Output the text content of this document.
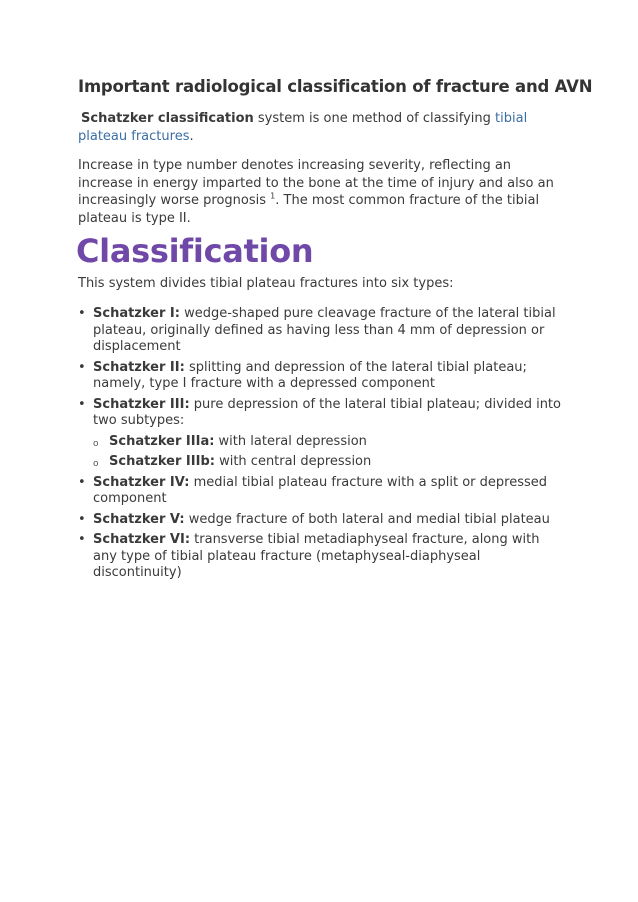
Important radiological classification of fracture and AVN
Schatzker classification system is one method of classifying tibial plateau fractures.
Increase in type number denotes increasing severity, reflecting an increase in energy imparted to the bone at the time of injury and also an increasingly worse prognosis $^1$. The most common fracture of the tibial plateau is type II.
Classification
This system divides tibial plateau fractures into six types:
• Schatzker I: wedge-shaped pure cleavage fracture of the lateral tibial plateau, originally defined as having less than 4 mm of depression or displacement
• Schatzker II: splitting and depression of the lateral tibial plateau; namely, type I fracture with a depressed component
• Schatzker III: pure depression of the lateral tibial plateau; divided into two subtypes:
o Schatzker IIIa: with lateral depression
o Schatzker IIIb: with central depression
• Schatzker IV: medial tibial plateau fracture with a split or depressed component
• Schatzker V: wedge fracture of both lateral and medial tibial plateau
• Schatzker VI: transverse tibial metadiaphyseal fracture, along with any type of tibial plateau fracture (metaphyseal-diaphyseal discontinuity)
